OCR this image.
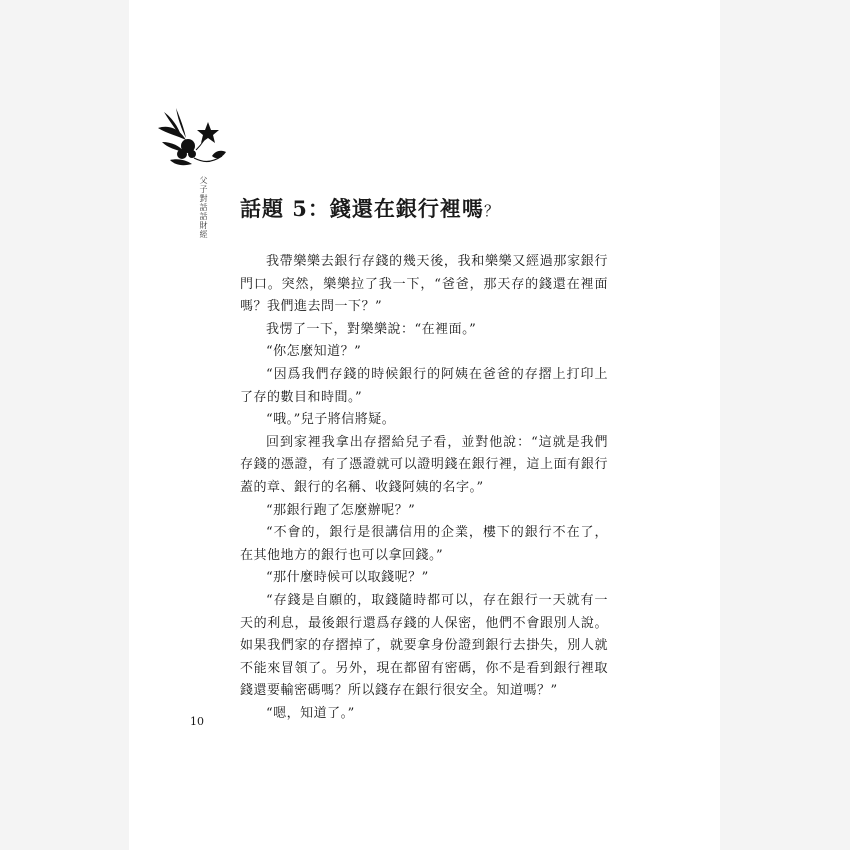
父子對話話財經 話題 5：錢還在銀行裡嗎？

我帶樂樂去銀行存錢的幾天後，我和樂樂又經過那家銀行門口。突然，樂樂拉了我一下，“爸爸，那天存的錢還在裡面嗎？我們進去問一下？”

我愣了一下，對樂樂說：“在裡面。”

“你怎麼知道？”

“因爲我們存錢的時候銀行的阿姨在爸爸的存摺上打印上了存的數目和時間。”

“哦。”兒子將信將疑。

回到家裡我拿出存摺給兒子看，並對他說：“這就是我們存錢的憑證，有了憑證就可以證明錢在銀行裡，這上面有銀行蓋的章、銀行的名稱、收錢阿姨的名字。”

“那銀行跑了怎麼辦呢？”

“不會的，銀行是很講信用的企業，樓下的銀行不在了，在其他地方的銀行也可以拿回錢。”

“那什麼時候可以取錢呢？”

“存錢是自願的，取錢隨時都可以，存在銀行一天就有一天的利息，最後銀行還爲存錢的人保密，他們不會跟別人說。如果我們家的存摺掉了，就要拿身份證到銀行去掛失，別人就不能來冒領了。另外，現在都留有密碼，你不是看到銀行裡取錢還要輸密碼嗎？所以錢存在銀行很安全。知道嗎？”

“嗯，知道了。”

10
